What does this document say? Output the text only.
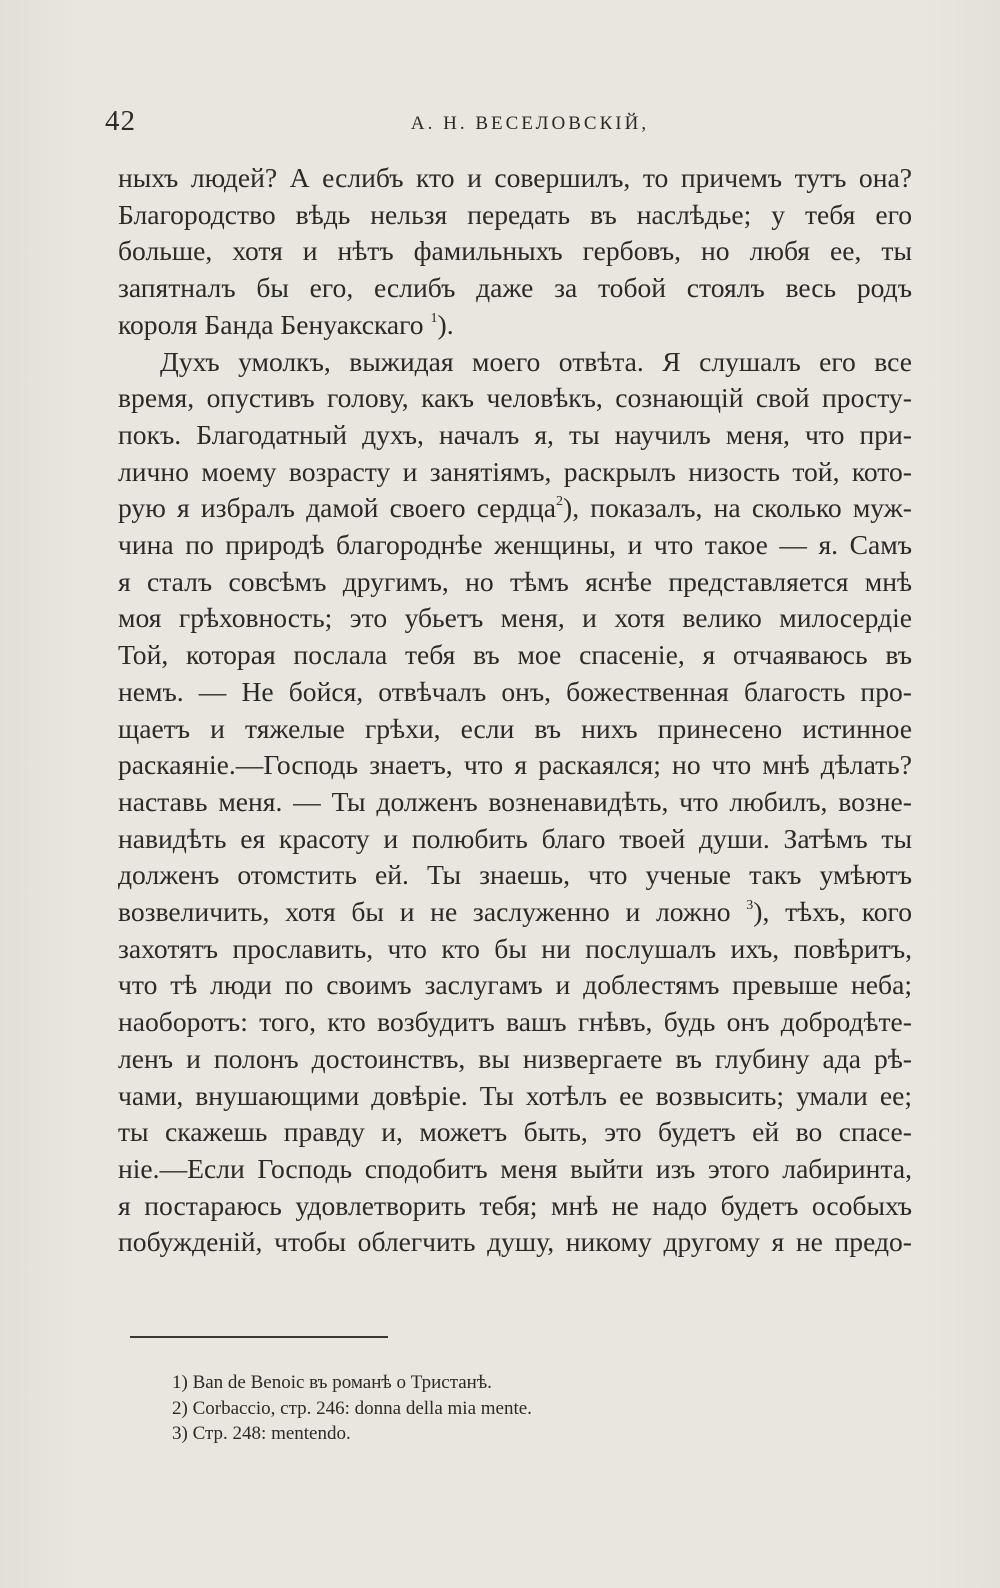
42	А. Н. ВЕСЕЛОВСКІЙ,

ныхъ людей? А еслибъ кто и совершилъ, то причемъ тутъ она?

Благородство вѣдь нельзя передать въ наслѣдье; у тебя его

больше, хотя и нѣтъ фамильныхъ гербовъ, но любя ее, ты

запятналъ бы его, еслибъ даже за тобой стоялъ весь родъ

короля Банда Бенуакскаго $^1$).

Духъ умолкъ, выжидая моего отвѣта. Я слушалъ его все

время, опустивъ голову, какъ человѣкъ, сознающій свой просту-

покъ. Благодатный духъ, началъ я, ты научилъ меня, что при-

лично моему возрасту и занятіямъ, раскрылъ низость той, кото-

рую я избралъ дамой своего сердца$^2$), показалъ, на сколько муж-

чина по природѣ благороднѣе женщины, и что такое — я. Самъ

я сталъ совсѣмъ другимъ, но тѣмъ яснѣе представляется мнѣ

моя грѣховность; это убьетъ меня, и хотя велико милосердіе

Той, которая послала тебя въ мое спасеніе, я отчаяваюсь въ

немъ. — Не бойся, отвѣчалъ онъ, божественная благость про-

щаетъ и тяжелые грѣхи, если въ нихъ принесено истинное

раскаяніе.—Господь знаетъ, что я раскаялся; но что мнѣ дѣлать?

наставь меня. — Ты долженъ возненавидѣть, что любилъ, возне-

навидѣть ея красоту и полюбить благо твоей души. Затѣмъ ты

долженъ отомстить ей. Ты знаешь, что ученые такъ умѣютъ

возвеличить, хотя бы и не заслуженно и ложно $^3$), тѣхъ, кого

захотятъ прославить, что кто бы ни послушалъ ихъ, повѣритъ,

что тѣ люди по своимъ заслугамъ и доблестямъ превыше неба;

наоборотъ: того, кто возбудитъ вашъ гнѣвъ, будь онъ добродѣте-

ленъ и полонъ достоинствъ, вы низвергаете въ глубину ада рѣ-

чами, внушающими довѣріе. Ты хотѣлъ ее возвысить; умали ее;

ты скажешь правду и, можетъ быть, это будетъ ей во спасе-

ніе.—Если Господь сподобитъ меня выйти изъ этого лабиринта,

я постараюсь удовлетворить тебя; мнѣ не надо будетъ особыхъ

побужденій, чтобы облегчить душу, никому другому я не предо-

1) Ban de Benoic въ романѣ о Тристанѣ.
2) Corbaccio, стр. 246: donna della mia mente.
3) Стр. 248: mentendo.
